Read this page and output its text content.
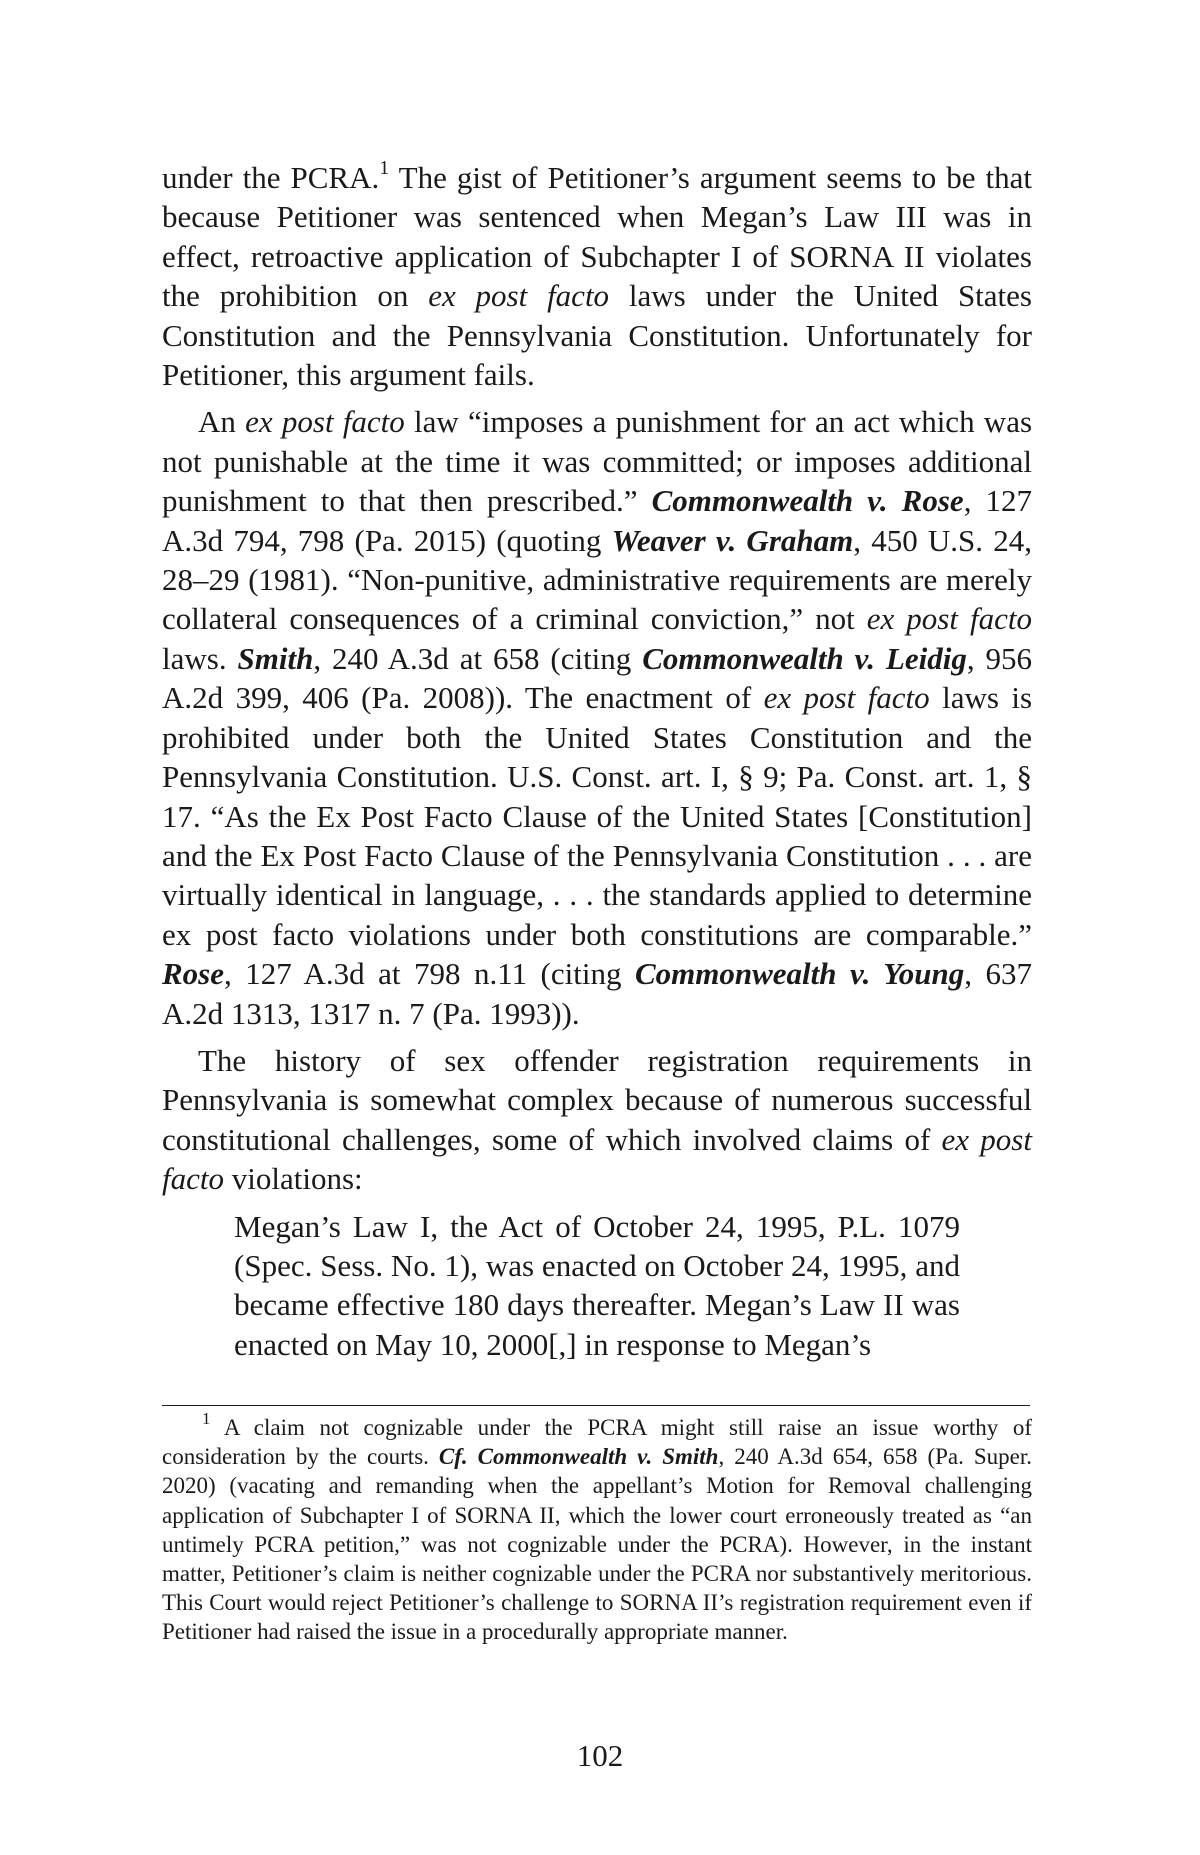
under the PCRA.$^1$ The gist of Petitioner’s argument seems to be that because Petitioner was sentenced when Megan’s Law III was in effect, retroactive application of Subchapter I of SORNA II violates the prohibition on ex post facto laws under the United States Constitution and the Pennsylvania Constitution. Unfortunately for Petitioner, this argument fails.

An ex post facto law “imposes a punishment for an act which was not punishable at the time it was committed; or imposes additional punishment to that then prescribed.” Commonwealth v. Rose, 127 A.3d 794, 798 (Pa. 2015) (quoting Weaver v. Graham, 450 U.S. 24, 28–29 (1981). “Non-punitive, administrative requirements are merely collateral consequences of a criminal conviction,” not ex post facto laws. Smith, 240 A.3d at 658 (citing Commonwealth v. Leidig, 956 A.2d 399, 406 (Pa. 2008)). The enactment of ex post facto laws is prohibited under both the United States Constitution and the Pennsylvania Constitution. U.S. Const. art. I, § 9; Pa. Const. art. 1, § 17. “As the Ex Post Facto Clause of the United States [Constitution] and the Ex Post Facto Clause of the Pennsylvania Constitution . . . are virtually identical in language, . . . the standards applied to determine ex post facto violations under both constitutions are comparable.” Rose, 127 A.3d at 798 n.11 (citing Commonwealth v. Young, 637 A.2d 1313, 1317 n. 7 (Pa. 1993)).

The history of sex offender registration requirements in Pennsylvania is somewhat complex because of numerous successful constitutional challenges, some of which involved claims of ex post facto violations:

Megan’s Law I, the Act of October 24, 1995, P.L. 1079 (Spec. Sess. No. 1), was enacted on October 24, 1995, and became effective 180 days thereafter. Megan’s Law II was enacted on May 10, 2000[,] in response to Megan’s

$^1$ A claim not cognizable under the PCRA might still raise an issue worthy of consideration by the courts. Cf. Commonwealth v. Smith, 240 A.3d 654, 658 (Pa. Super. 2020) (vacating and remanding when the appellant’s Motion for Removal challenging application of Subchapter I of SORNA II, which the lower court erroneously treated as “an untimely PCRA petition,” was not cognizable under the PCRA). However, in the instant matter, Petitioner’s claim is neither cognizable under the PCRA nor substantively meritorious. This Court would reject Petitioner’s challenge to SORNA II’s registration requirement even if Petitioner had raised the issue in a procedurally appropriate manner.

102
